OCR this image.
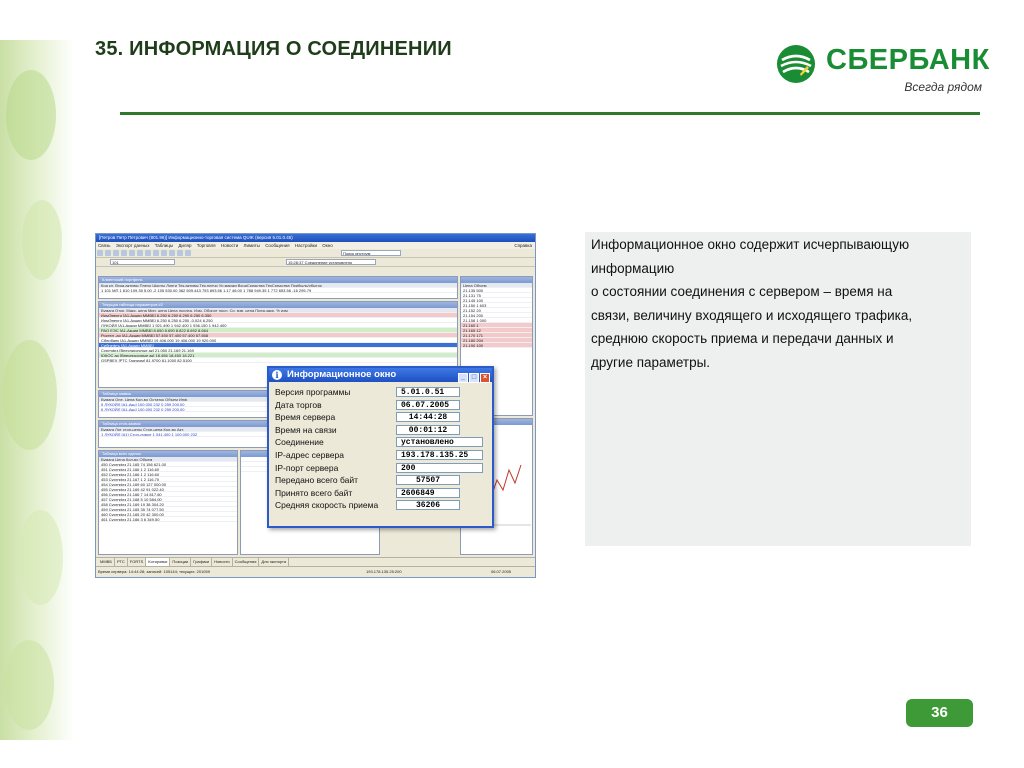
35. ИНФОРМАЦИЯ О СОЕДИНЕНИИ	СБЕРБАНК
Всегда рядом
[Петров Петр Петрович (801.96)] Информационно-торговая система QUIK (версия 5.01.0.45)
Связь Экспорт данных Таблицы Диляр Торговля Новости Лимиты Сообщения Настройки Окно	Справка
Поиск инструм
101	15:28:37 Соединение установлено
Клиентский портфель
Код кл. Вход.активы Плечо Шорты Лонги Тек.активы Тек.плечо Ур.маржи ВходСредства ТекСредства Прибыль/убыток
1 101 МП 1 810 109,35 5,00 -2 105 530,00 362 509,443 793 893,56 1,17 46,00 1 788 949,35 1 772 653,56 -16 295,79
Текущая таблица параметров #2
Бумага Откр. Макс. цена Мин. цена Цена послед. Изм. Оборот посл. Ср. взв. цена Пред.закр. % изм
ИрмЭнерго [А1-Акции ММВБ] 6,250 6,250 6,290 6,250 6,350
ИрмЭнерго [А1-Акции ММВБ] 6,250 6,250 6,250 -0,024 6,250
ЛУКОЙЛ [А1-Акции ММВБ] 1 921,490 1 942,400 1 936,150 1 942,400
РАО ЕЭС [А1-Акции ММВБ] 8,650 8,690 8,822 8,692 8,664
Ростел -ао [А1-Акции ММВБ] 57,450 57,400 57,400 57,558
Сбербанк [А1-Акции ММВБ] 19 406,000 19 406,000 19 920,000
Сибнефть [А1-Акции ММВБ]
Сургнфгз [Внесписочные ак] 21,050 21,169 21,169
ЮКОС ао [Внесписочные ак] 18,456 18,450 18,221
GSPBEX [РТС Газпром] 81,9700 81,1000 82,5100
Таблица заявок
Бумага Опе. Цена Кол-во Остаток Объем Инф
5 ЛУКОЙЛ [А1-Акц] 100,000 232 0 259 200,00
6 ЛУКОЙЛ [А1-Акц] 100,000 232 0 259 200,00
Таблица стоп-заявок
Бумага Лот стоп-цены Стоп-цена Кол-во Акт.
1 ЛУКОЙЛ [А1] Стоп-лимит 1 041,400 1 100,000 232
Таблица всех сделок
Бумага Цена Кол-во Объем
450 Сургнфгз 21,165 74 156 621,00
451 Сургнфгз 21,166 1 2 116,60
452 Сургнфгз 21,166 1 2 116,60
453 Сургнфгз 21,167 1 2 116,70
454 Сургнфгз 21,169 60 127 000,00
455 Сургнфгз 21,169 42 91 022,40
456 Сургнфгз 21,166 7 14 817,60
457 Сургнфгз 21,168 5 10 584,00
458 Сургнфгз 21,169 19 38 304,20
459 Сургнфгз 21,165 35 74 077,50
460 Сургнфгз 21,165 20 42 300,00
461 Сургнфгз 21,166 3 6 349,50
Цена Объем
21,135 500
21,131 75
21,145 100
21,150 1 603
21,152 20
21,154 200
21,158 1 000
21,160 1
21,165 12
21,170 171
21,180 204
21,190 100
ММВБ РТС FORTS Котировки Позиции Графики Новости Сообщения Для экспорта
Время сервера: 14:44:28; записей: 105144; текущих: 201059	193.178.135.25:200	06.07.2005
i Информационное окно	_ □ ×
Версия программы	5.01.0.51
Дата торгов	06.07.2005
Время сервера	14:44:28
Время на связи	00:01:12
Соединение	установлено
IP-адрес сервера	193.178.135.25
IP-порт сервера	200
Передано всего байт	57507
Принято всего байт	2606849
Средняя скорость приема	36206

Информационное окно содержит исчерпывающую

информацию

о состоянии соединения с сервером – время на

связи, величину входящего и исходящего трафика,

среднюю скорость приема и передачи данных и

другие параметры.

36
